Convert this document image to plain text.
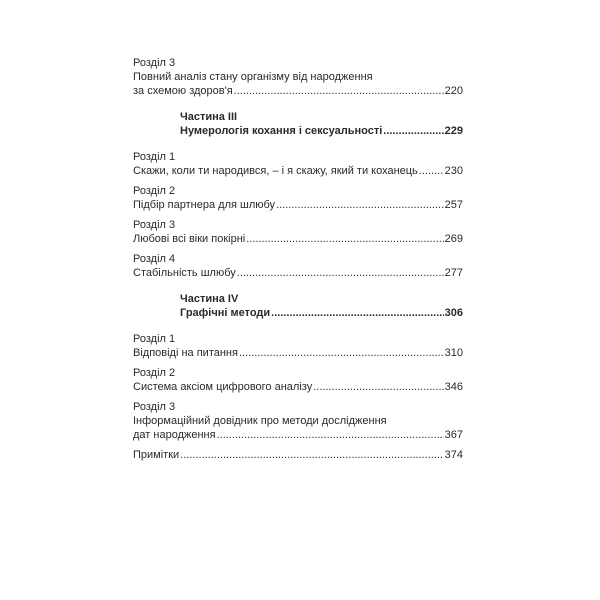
Розділ 3
Повний аналіз стану організму від народження
за схемою здоров'я .....	220
Частина III
Нумерологія кохання і сексуальності .....	229
Розділ 1
Скажи, коли ти народився, – і я скажу, який ти коханець ..... 230
Розділ 2
Підбір партнера для шлюбу .....	257
Розділ 3
Любові всі віки покірні .....	269
Розділ 4
Стабільність шлюбу .....	277
Частина IV
Графічні методи .....	306
Розділ 1
Відповіді на питання .....	310
Розділ 2
Система аксіом цифрового аналізу .....	346
Розділ 3
Інформаційний довідник про методи дослідження
дат народження .....	367
Примітки .....	374
